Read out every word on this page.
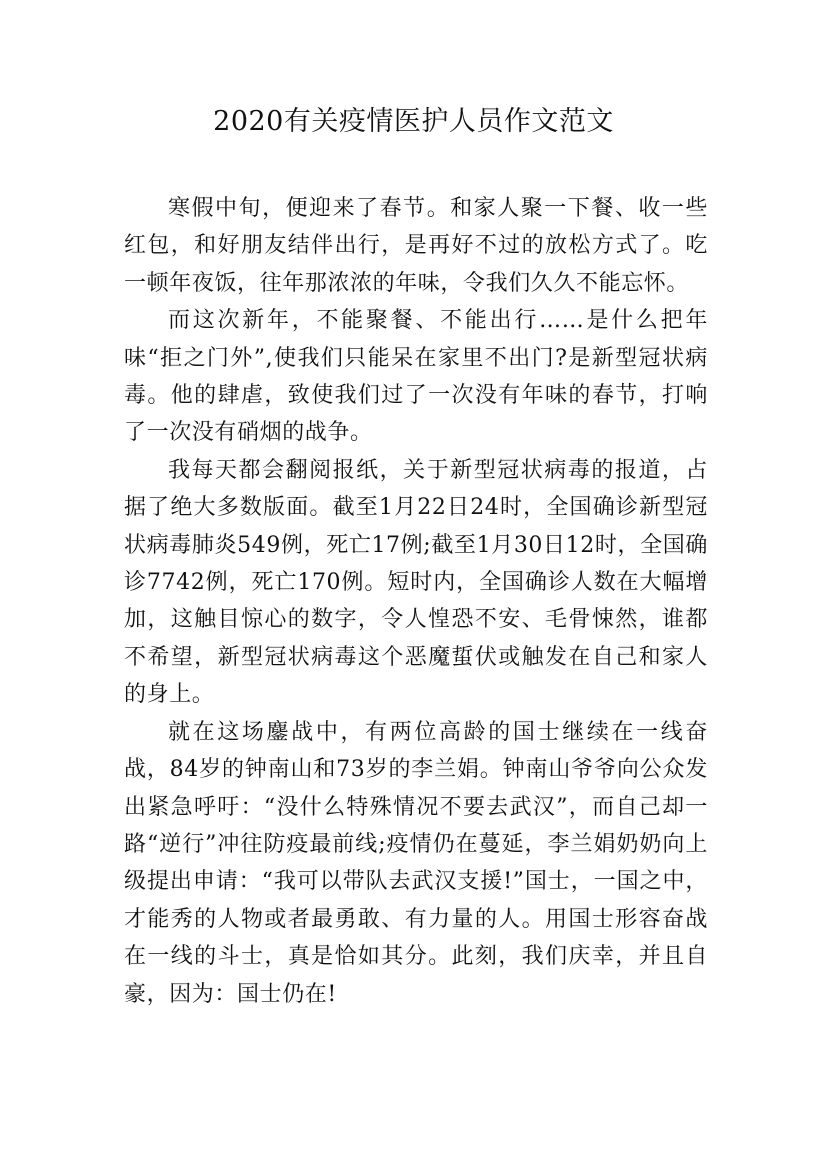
2020有关疫情医护人员作文范文

寒假中旬，便迎来了春节。和家人聚一下餐、收一些红包，和好朋友结伴出行，是再好不过的放松方式了。吃一顿年夜饭，往年那浓浓的年味，令我们久久不能忘怀。

而这次新年，不能聚餐、不能出行……是什么把年味“拒之门外”,使我们只能呆在家里不出门?是新型冠状病毒。他的肆虐，致使我们过了一次没有年味的春节，打响了一次没有硝烟的战争。

我每天都会翻阅报纸，关于新型冠状病毒的报道，占据了绝大多数版面。截至1月22日24时，全国确诊新型冠状病毒肺炎549例，死亡17例;截至1月30日12时，全国确诊7742例，死亡170例。短时内，全国确诊人数在大幅增加，这触目惊心的数字，令人惶恐不安、毛骨悚然，谁都不希望，新型冠状病毒这个恶魔蜇伏或触发在自己和家人的身上。

就在这场鏖战中，有两位高龄的国士继续在一线奋战，84岁的钟南山和73岁的李兰娟。钟南山爷爷向公众发出紧急呼吁：“没什么特殊情况不要去武汉”，而自己却一路“逆行”冲往防疫最前线;疫情仍在蔓延，李兰娟奶奶向上级提出申请：“我可以带队去武汉支援!”国士，一国之中，才能秀的人物或者最勇敢、有力量的人。用国士形容奋战在一线的斗士，真是恰如其分。此刻，我们庆幸，并且自豪，因为：国士仍在!
